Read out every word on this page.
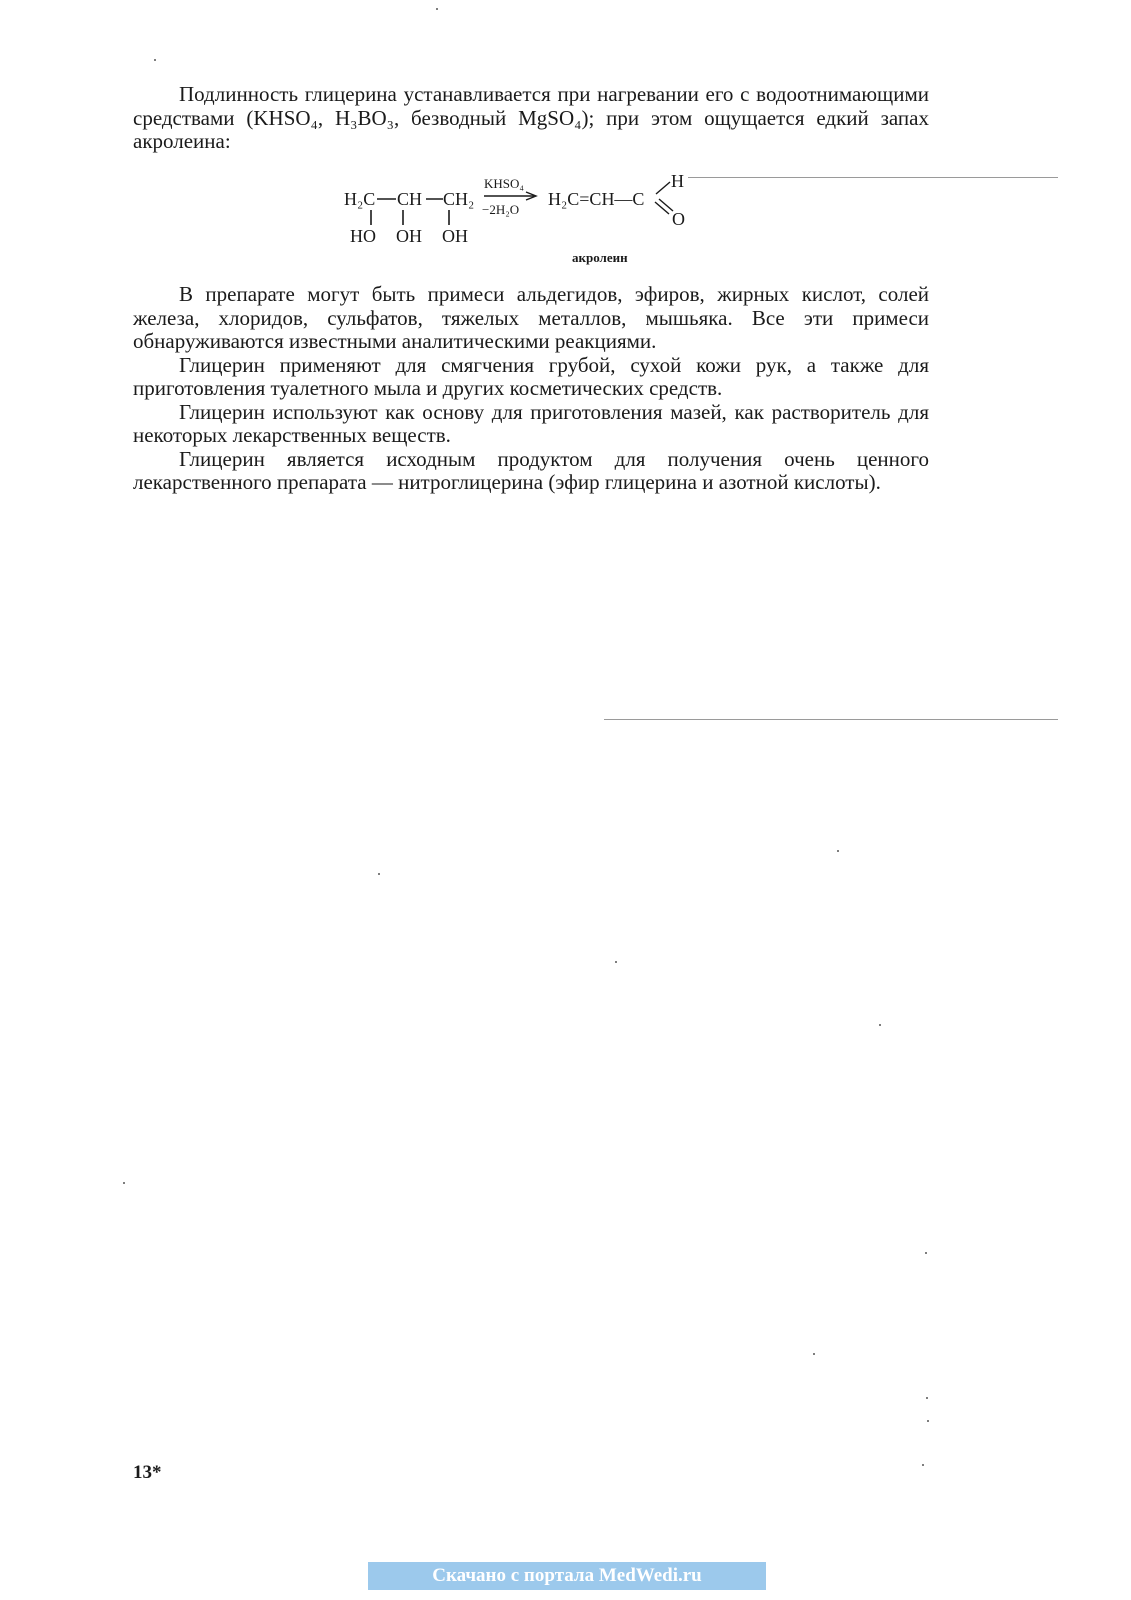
Подлинность глицерина устанавливается при нагревании его с водоотнимающими средствами (KHSO₄, H₃BO₃, безводный MgSO₄); при этом ощущается едкий запах акролеина:

H₂C CH CH₂
HO OH OH
KHSO₄
−2H₂O
H₂C=CH—C
H
O
акролеин

В препарате могут быть примеси альдегидов, эфиров, жирных кислот, солей железа, хлоридов, сульфатов, тяжелых металлов, мышьяка. Все эти примеси обнаруживаются известными аналитическими реакциями.

Глицерин применяют для смягчения грубой, сухой кожи рук, а также для приготовления туалетного мыла и других косметических средств.

Глицерин используют как основу для приготовления мазей, как растворитель для некоторых лекарственных веществ.

Глицерин является исходным продуктом для получения очень ценного лекарственного препарата — нитроглицерина (эфир глицерина и азотной кислоты).

13*
Скачано с портала MedWedi.ru
